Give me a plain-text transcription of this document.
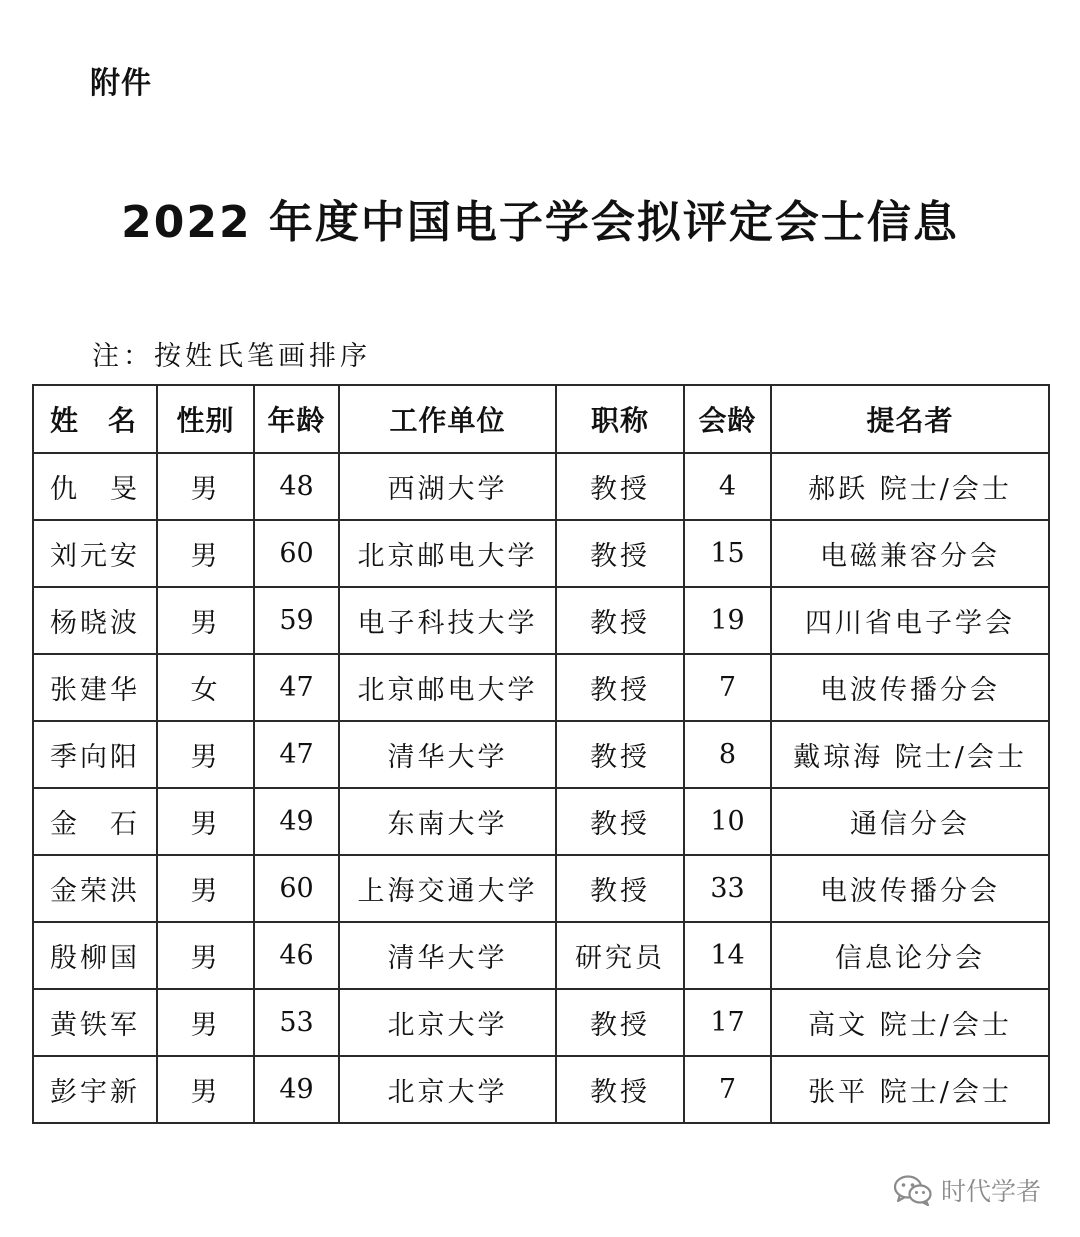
附件
2022 年度中国电子学会拟评定会士信息
注：按姓氏笔画排序
姓　名	性别	年龄	工作单位	职称	会龄	提名者
仇　旻	男	48	西湖大学	教授	4	郝跃 院士/会士
刘元安	男	60	北京邮电大学	教授	15	电磁兼容分会
杨晓波	男	59	电子科技大学	教授	19	四川省电子学会
张建华	女	47	北京邮电大学	教授	7	电波传播分会
季向阳	男	47	清华大学	教授	8	戴琼海 院士/会士
金　石	男	49	东南大学	教授	10	通信分会
金荣洪	男	60	上海交通大学	教授	33	电波传播分会
殷柳国	男	46	清华大学	研究员	14	信息论分会
黄铁军	男	53	北京大学	教授	17	高文 院士/会士
彭宇新	男	49	北京大学	教授	7	张平 院士/会士
时代学者
